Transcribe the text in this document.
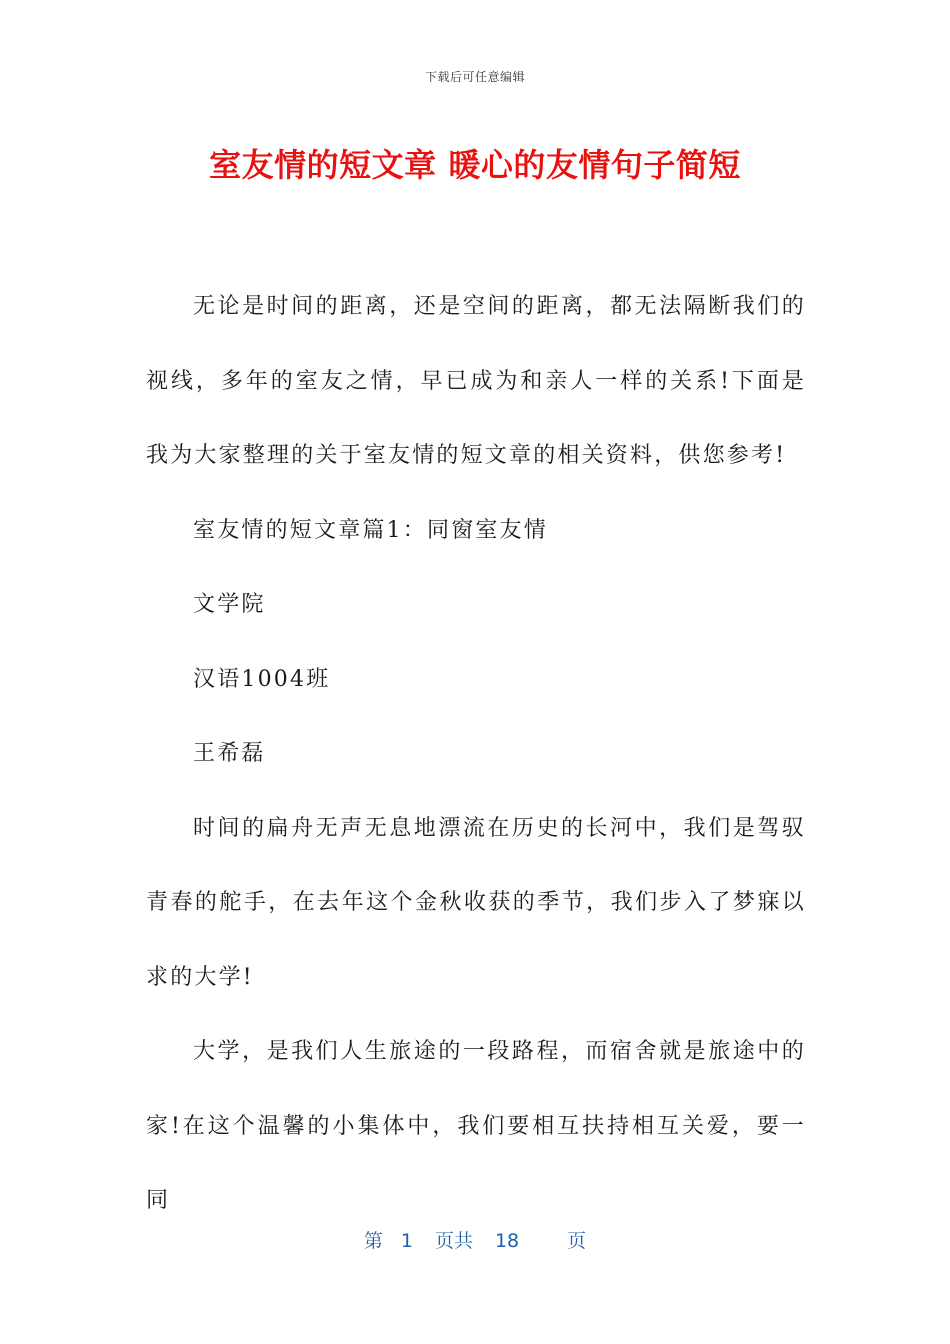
下载后可任意编辑
室友情的短文章 暖心的友情句子简短

无论是时间的距离，还是空间的距离，都无法隔断我们的视线，多年的室友之情，早已成为和亲人一样的关系!下面是我为大家整理的关于室友情的短文章的相关资料，供您参考!

室友情的短文章篇1：同窗室友情

文学院

汉语1004班

王希磊

时间的扁舟无声无息地漂流在历史的长河中，我们是驾驭青春的舵手，在去年这个金秋收获的季节，我们步入了梦寐以求的大学!

大学，是我们人生旅途的一段路程，而宿舍就是旅途中的家!在这个温馨的小集体中，我们要相互扶持相互关爱，要一同

第 1 页共 18	页
